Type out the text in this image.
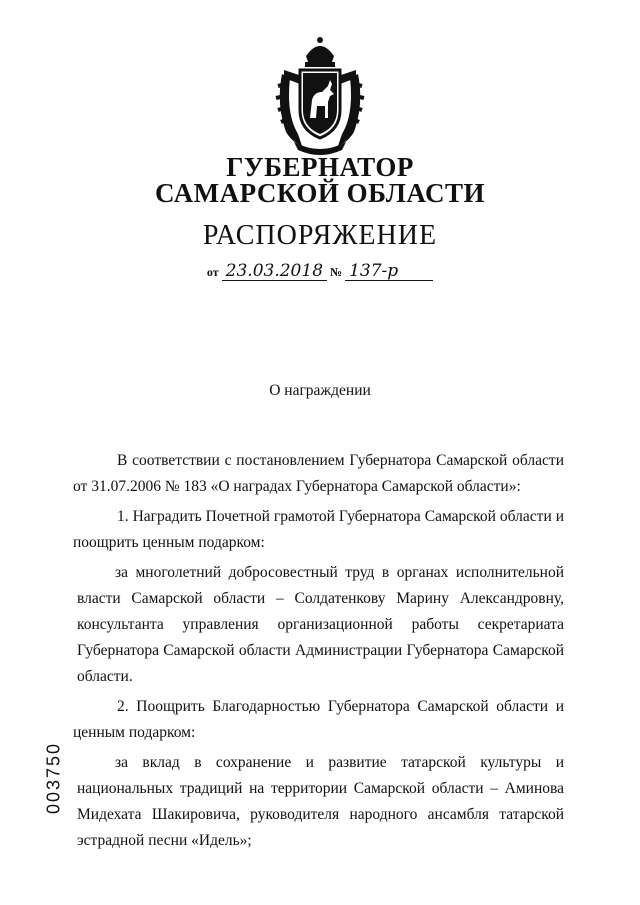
ГУБЕРНАТОР
САМАРСКОЙ ОБЛАСТИ
РАСПОРЯЖЕНИЕ
от 23.03.2018 № 137-р
О награждении

В соответствии с постановлением Губернатора Самарской области от 31.07.2006 № 183 «О наградах Губернатора Самарской области»:

1. Наградить Почетной грамотой Губернатора Самарской области и поощрить ценным подарком:

за многолетний добросовестный труд в органах исполнительной власти Самарской области – Солдатенкову Марину Александровну, консультанта управления организационной работы секретариата Губернатора Самарской области Администрации Губернатора Самарской области.

2. Поощрить Благодарностью Губернатора Самарской области и ценным подарком:

за вклад в сохранение и развитие татарской культуры и национальных традиций на территории Самарской области – Аминова Мидехата Шакировича, руководителя народного ансамбля татарской эстрадной песни «Идель»;

003750
